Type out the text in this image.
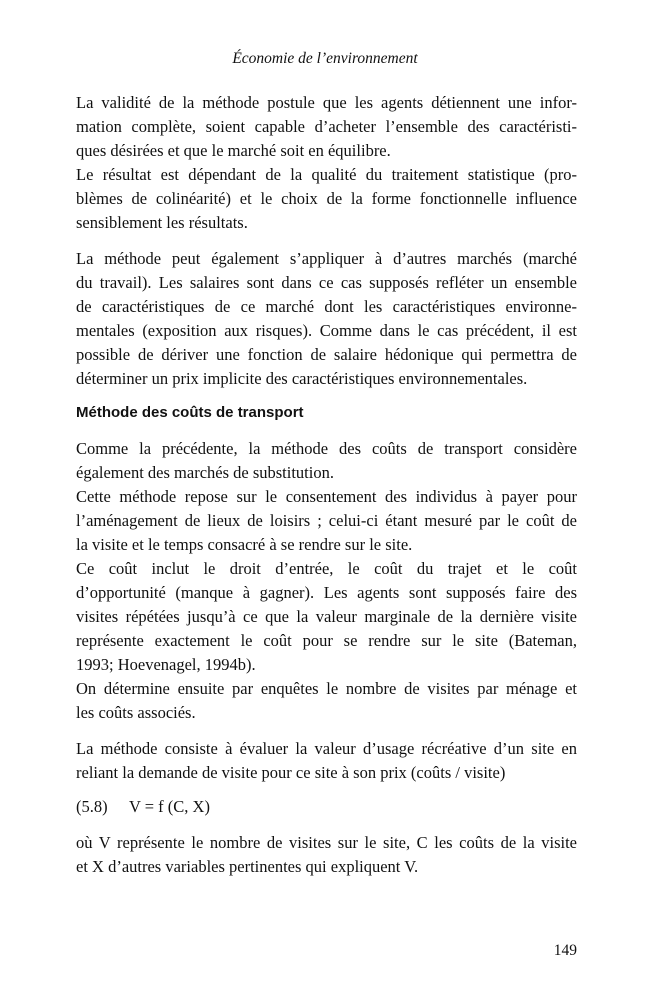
Économie de l’environnement
La validité de la méthode postule que les agents détiennent une infor-
mation complète, soient capable d’acheter l’ensemble des caractéristi-
ques désirées et que le marché soit en équilibre.
Le résultat est dépendant de la qualité du traitement statistique (pro-
blèmes de colinéarité) et le choix de la forme fonctionnelle influence
sensiblement les résultats.
La méthode peut également s’appliquer à d’autres marchés (marché
du travail). Les salaires sont dans ce cas supposés refléter un ensemble
de caractéristiques de ce marché dont les caractéristiques environne-
mentales (exposition aux risques). Comme dans le cas précédent, il est
possible de dériver une fonction de salaire hédonique qui permettra de
déterminer un prix implicite des caractéristiques environnementales.
Méthode des coûts de transport
Comme la précédente, la méthode des coûts de transport considère
également des marchés de substitution.
Cette méthode repose sur le consentement des individus à payer pour
l’aménagement de lieux de loisirs ; celui-ci étant mesuré par le coût de
la visite et le temps consacré à se rendre sur le site.
Ce coût inclut le droit d’entrée, le coût du trajet et le coût
d’opportunité (manque à gagner). Les agents sont supposés faire des
visites répétées jusqu’à ce que la valeur marginale de la dernière visite
représente exactement le coût pour se rendre sur le site (Bateman,
1993; Hoevenagel, 1994b).
On détermine ensuite par enquêtes le nombre de visites par ménage et
les coûts associés.
La méthode consiste à évaluer la valeur d’usage récréative d’un site en
reliant la demande de visite pour ce site à son prix (coûts / visite)
(5.8) V = f (C, X)
où V représente le nombre de visites sur le site, C les coûts de la visite
et X d’autres variables pertinentes qui expliquent V.
149
